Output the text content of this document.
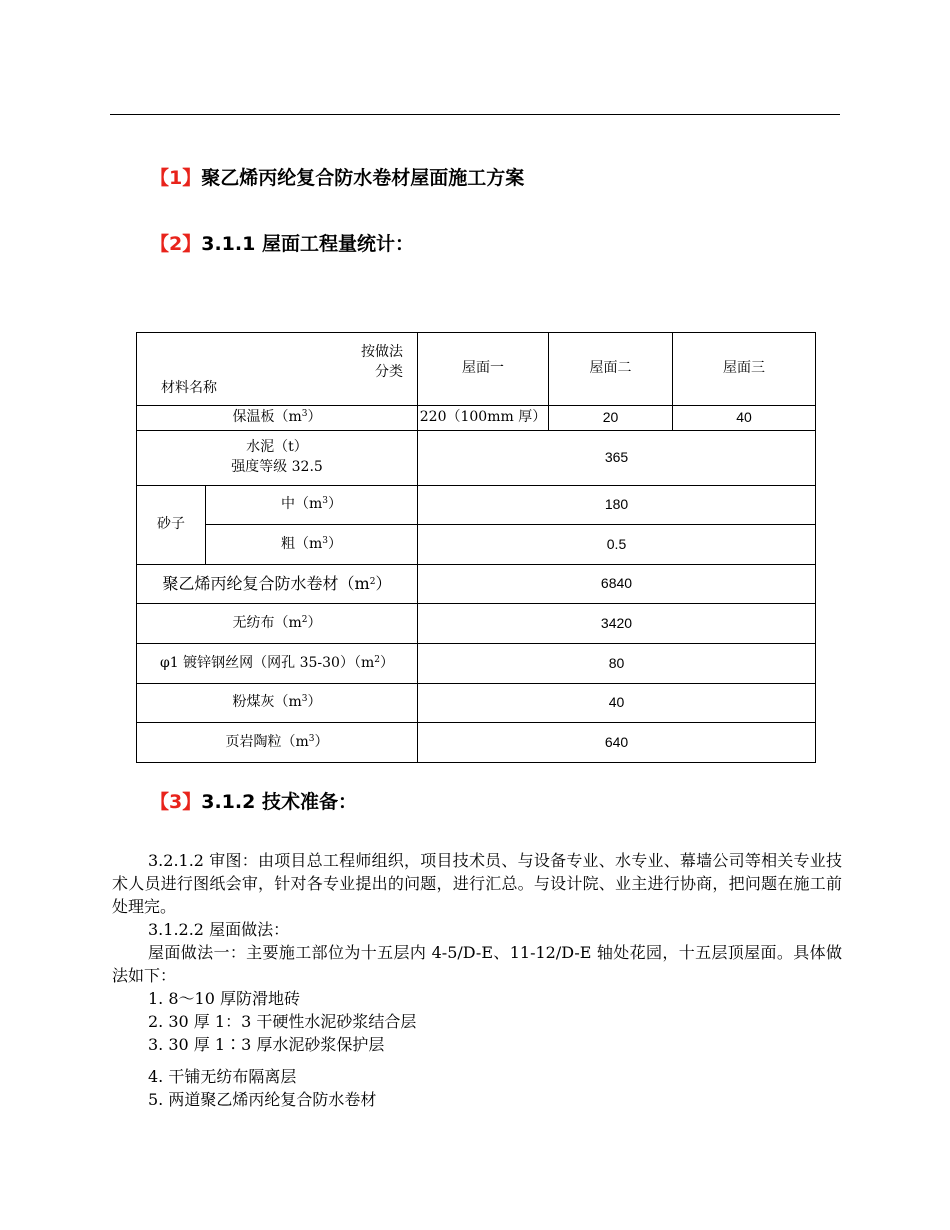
【1】聚乙烯丙纶复合防水卷材屋面施工方案
【2】3.1.1 屋面工程量统计：
按做法
分类
材料名称		屋面一	屋面二	屋面三
保温板$(m^3)$		220（100mm 厚）	20	40
水泥（t）
强度等级 32.5		365		
砂子	中$(m^3)$	180		
	粗$(m^3)$	0.5		
聚乙烯丙纶复合防水卷材$(m^2)$		6840		
无纺布$(m^2)$		3420		
φ1 镀锌钢丝网（网孔 $35-30)(m^2)$		80		
粉煤灰$(m^3)$		40		
页岩陶粒$(m^3)$		640		
【3】3.1.2 技术准备：

3.2.1.2 审图：由项目总工程师组织，项目技术员、与设备专业、水专业、幕墙公司等相关专业技术人员进行图纸会审，针对各专业提出的问题，进行汇总。与设计院、业主进行协商，把问题在施工前处理完。

3.1.2.2 屋面做法：

屋面做法一：主要施工部位为十五层内 4-5/D-E、11-12/D-E 轴处花园，十五层顶屋面。具体做法如下：

1. 8～10 厚防滑地砖

2. 30 厚 1：3 干硬性水泥砂浆结合层

3. 30 厚 1∶3 厚水泥砂浆保护层

4. 干铺无纺布隔离层

5. 两道聚乙烯丙纶复合防水卷材
